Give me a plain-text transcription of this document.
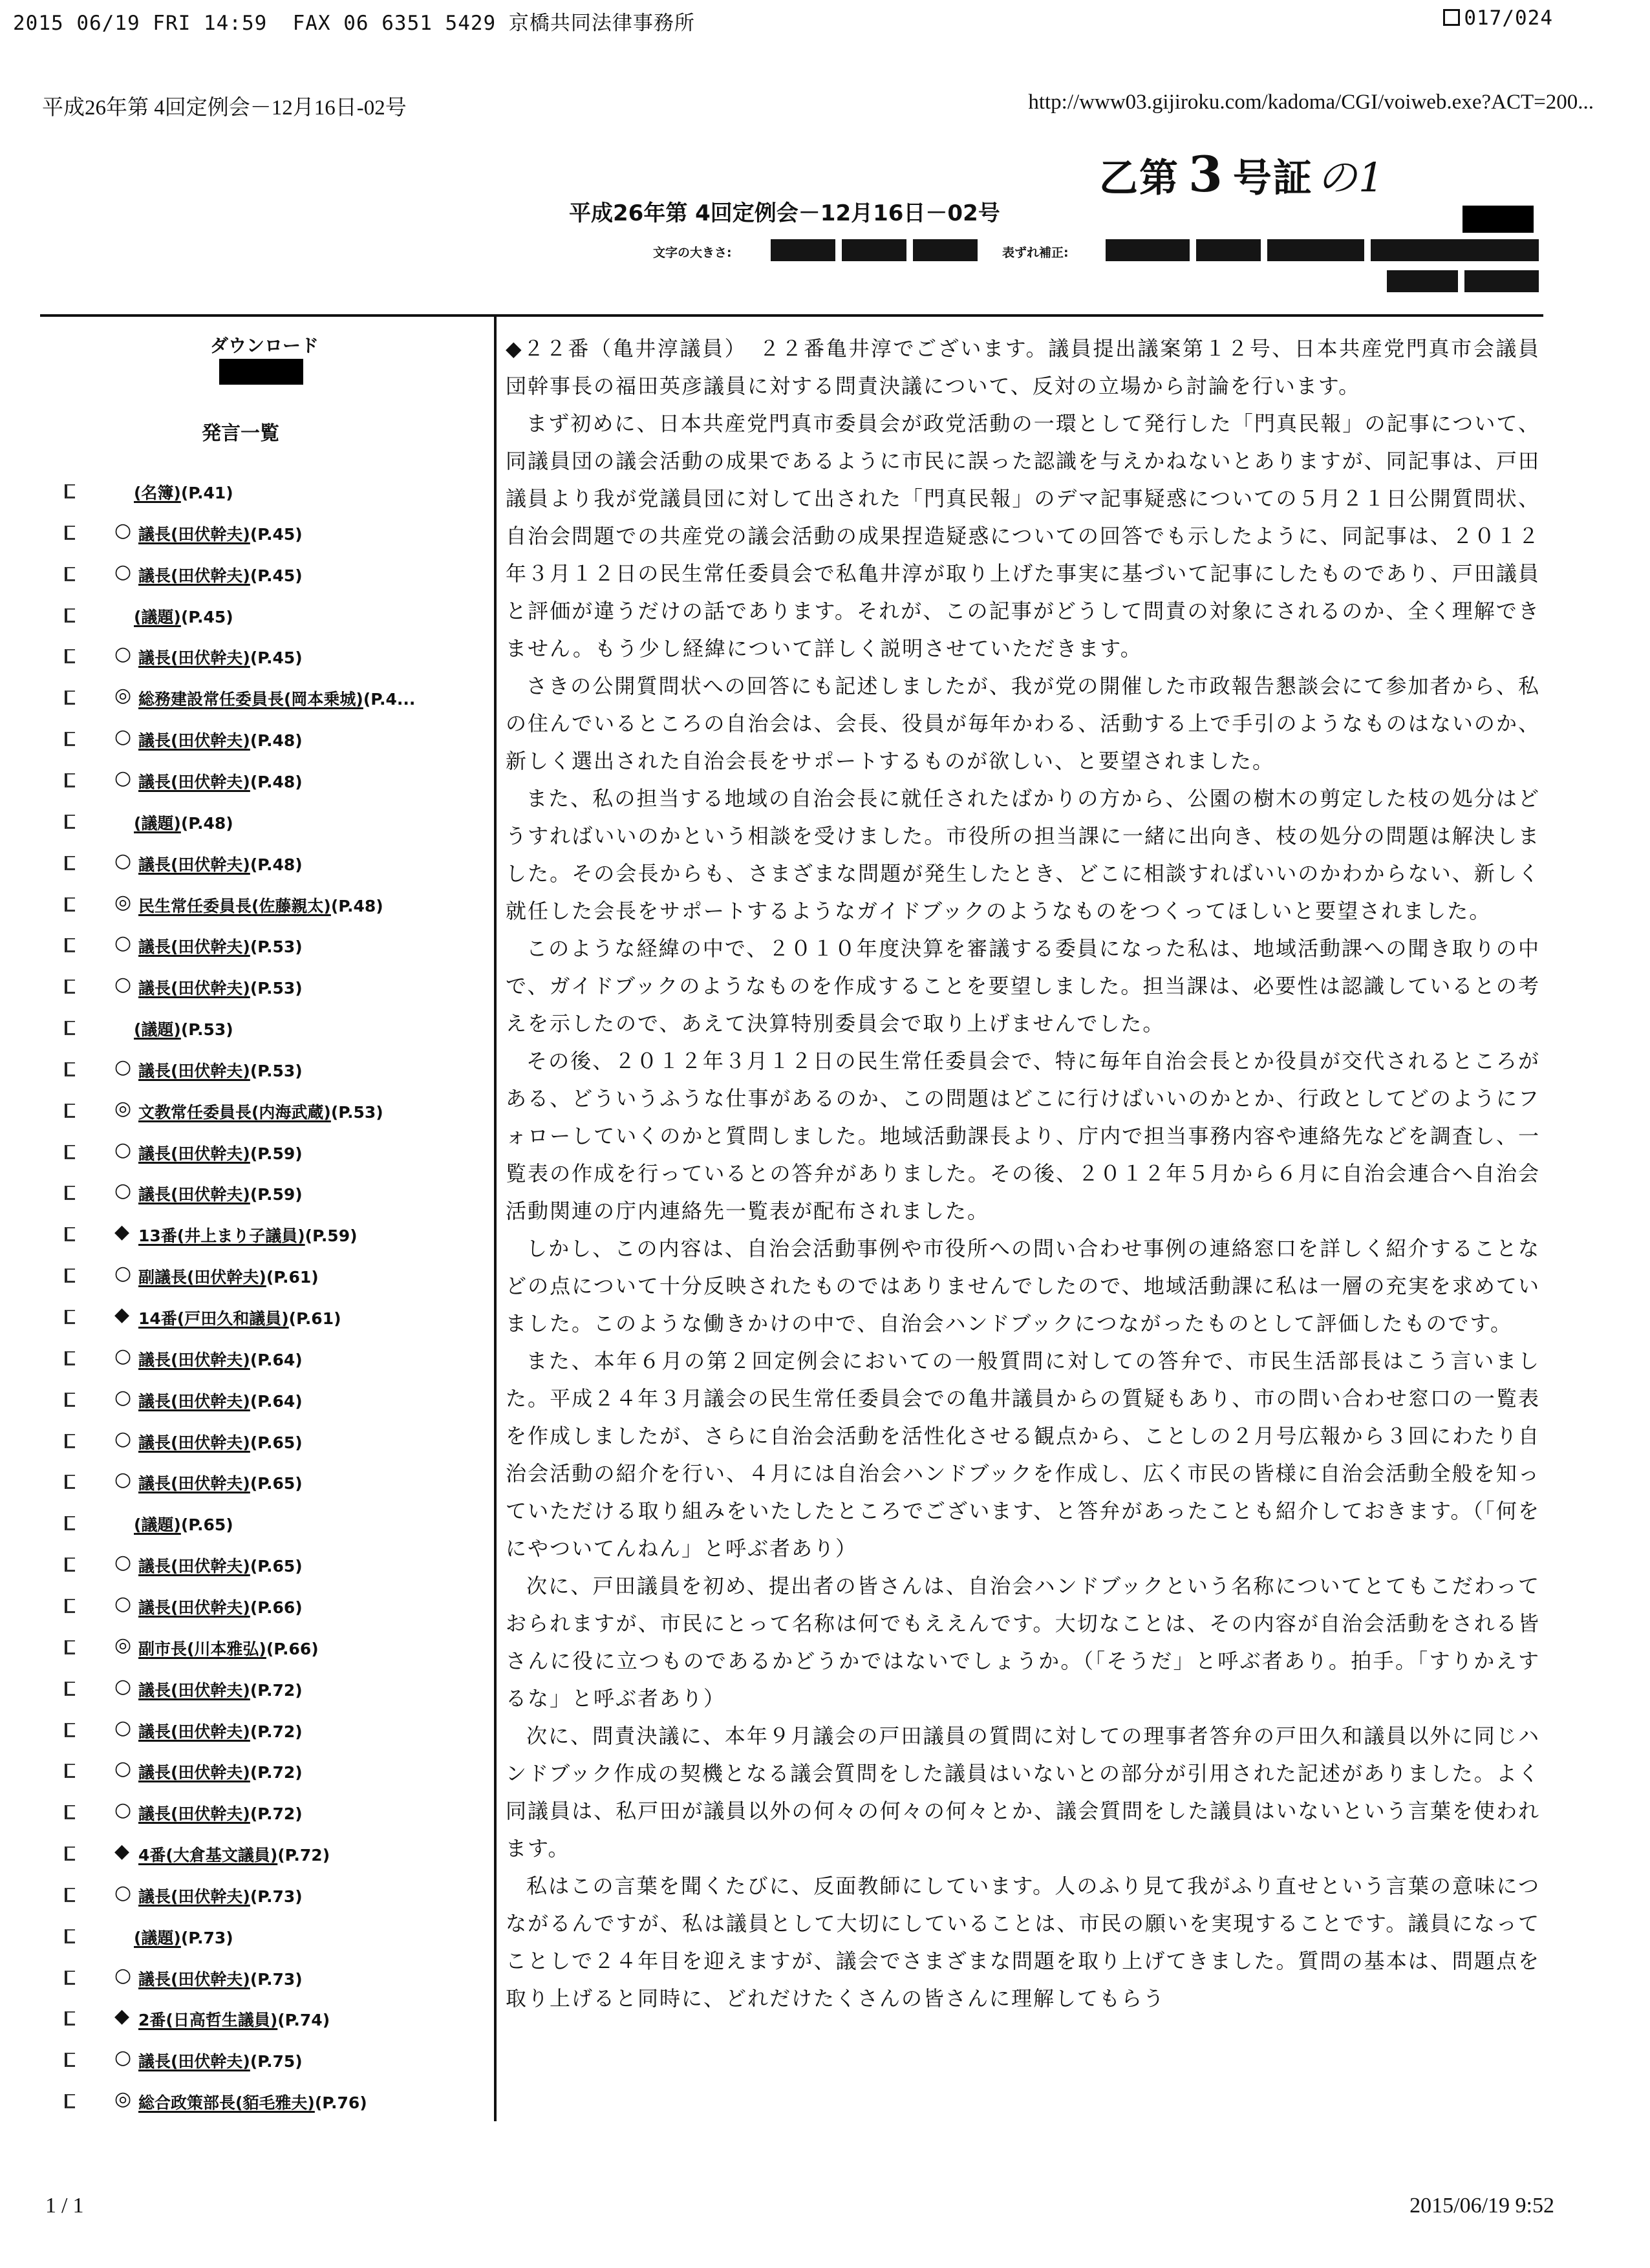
2015 06/19 FRI 14:59  FAX 06 6351 5429 京橋共同法律事務所	017/024
平成26年第 4回定例会－12月16日-02号	http://www03.gijiroku.com/kadoma/CGI/voiweb.exe?ACT=200...
乙第 3 号証の1
平成26年第 4回定例会－12月16日－02号
文字の大きさ:	表ずれ補正:
ダウンロード
発言一覧
(名簿)(P.41)
○ 議長(田伏幹夫)(P.45)
○ 議長(田伏幹夫)(P.45)
(議題)(P.45)
○ 議長(田伏幹夫)(P.45)
◎ 総務建設常任委員長(岡本乗城)(P.4...
○ 議長(田伏幹夫)(P.48)
○ 議長(田伏幹夫)(P.48)
(議題)(P.48)
○ 議長(田伏幹夫)(P.48)
◎ 民生常任委員長(佐藤親太)(P.48)
○ 議長(田伏幹夫)(P.53)
○ 議長(田伏幹夫)(P.53)
(議題)(P.53)
○ 議長(田伏幹夫)(P.53)
◎ 文教常任委員長(内海武蔵)(P.53)
○ 議長(田伏幹夫)(P.59)
○ 議長(田伏幹夫)(P.59)
◆ 13番(井上まり子議員)(P.59)
○ 副議長(田伏幹夫)(P.61)
◆ 14番(戸田久和議員)(P.61)
○ 議長(田伏幹夫)(P.64)
○ 議長(田伏幹夫)(P.64)
○ 議長(田伏幹夫)(P.65)
○ 議長(田伏幹夫)(P.65)
(議題)(P.65)
○ 議長(田伏幹夫)(P.65)
○ 議長(田伏幹夫)(P.66)
◎ 副市長(川本雅弘)(P.66)
○ 議長(田伏幹夫)(P.72)
○ 議長(田伏幹夫)(P.72)
○ 議長(田伏幹夫)(P.72)
○ 議長(田伏幹夫)(P.72)
◆ 4番(大倉基文議員)(P.72)
○ 議長(田伏幹夫)(P.73)
(議題)(P.73)
○ 議長(田伏幹夫)(P.73)
◆ 2番(日高哲生議員)(P.74)
○ 議長(田伏幹夫)(P.75)
◎ 総合政策部長(貊毛雅夫)(P.76)

◆２２番（亀井淳議員）　２２番亀井淳でございます。議員提出議案第１２号、日本共産党門真市会議員団幹事長の福田英彦議員に対する問責決議について、反対の立場から討論を行います。

まず初めに、日本共産党門真市委員会が政党活動の一環として発行した「門真民報」の記事について、同議員団の議会活動の成果であるように市民に誤った認識を与えかねないとありますが、同記事は、戸田議員より我が党議員団に対して出された「門真民報」のデマ記事疑惑についての５月２１日公開質問状、自治会問題での共産党の議会活動の成果捏造疑惑についての回答でも示したように、同記事は、２０１２年３月１２日の民生常任委員会で私亀井淳が取り上げた事実に基づいて記事にしたものであり、戸田議員と評価が違うだけの話であります。それが、この記事がどうして問責の対象にされるのか、全く理解できません。もう少し経緯について詳しく説明させていただきます。

さきの公開質問状への回答にも記述しましたが、我が党の開催した市政報告懇談会にて参加者から、私の住んでいるところの自治会は、会長、役員が毎年かわる、活動する上で手引のようなものはないのか、新しく選出された自治会長をサポートするものが欲しい、と要望されました。

また、私の担当する地域の自治会長に就任されたばかりの方から、公園の樹木の剪定した枝の処分はどうすればいいのかという相談を受けました。市役所の担当課に一緒に出向き、枝の処分の問題は解決しました。その会長からも、さまざまな問題が発生したとき、どこに相談すればいいのかわからない、新しく就任した会長をサポートするようなガイドブックのようなものをつくってほしいと要望されました。

このような経緯の中で、２０１０年度決算を審議する委員になった私は、地域活動課への聞き取りの中で、ガイドブックのようなものを作成することを要望しました。担当課は、必要性は認識しているとの考えを示したので、あえて決算特別委員会で取り上げませんでした。

その後、２０１２年３月１２日の民生常任委員会で、特に毎年自治会長とか役員が交代されるところがある、どういうふうな仕事があるのか、この問題はどこに行けばいいのかとか、行政としてどのようにフォローしていくのかと質問しました。地域活動課長より、庁内で担当事務内容や連絡先などを調査し、一覧表の作成を行っているとの答弁がありました。その後、２０１２年５月から６月に自治会連合へ自治会活動関連の庁内連絡先一覧表が配布されました。

しかし、この内容は、自治会活動事例や市役所への問い合わせ事例の連絡窓口を詳しく紹介することなどの点について十分反映されたものではありませんでしたので、地域活動課に私は一層の充実を求めていました。このような働きかけの中で、自治会ハンドブックにつながったものとして評価したものです。

また、本年６月の第２回定例会においての一般質問に対しての答弁で、市民生活部長はこう言いました。平成２４年３月議会の民生常任委員会での亀井議員からの質疑もあり、市の問い合わせ窓口の一覧表を作成しましたが、さらに自治会活動を活性化させる観点から、ことしの２月号広報から３回にわたり自治会活動の紹介を行い、４月には自治会ハンドブックを作成し、広く市民の皆様に自治会活動全般を知っていただける取り組みをいたしたところでございます、と答弁があったことも紹介しておきます。（「何をにやついてんねん」と呼ぶ者あり）

次に、戸田議員を初め、提出者の皆さんは、自治会ハンドブックという名称についてとてもこだわっておられますが、市民にとって名称は何でもええんです。大切なことは、その内容が自治会活動をされる皆さんに役に立つものであるかどうかではないでしょうか。（「そうだ」と呼ぶ者あり。拍手。「すりかえするな」と呼ぶ者あり）

次に、問責決議に、本年９月議会の戸田議員の質問に対しての理事者答弁の戸田久和議員以外に同じハンドブック作成の契機となる議会質問をした議員はいないとの部分が引用された記述がありました。よく同議員は、私戸田が議員以外の何々の何々の何々とか、議会質問をした議員はいないという言葉を使われます。

私はこの言葉を聞くたびに、反面教師にしています。人のふり見て我がふり直せという言葉の意味につながるんですが、私は議員として大切にしていることは、市民の願いを実現することです。議員になってことしで２４年目を迎えますが、議会でさまざまな問題を取り上げてきました。質問の基本は、問題点を取り上げると同時に、どれだけたくさんの皆さんに理解してもらう

1/1	2015/06/19 9:52
